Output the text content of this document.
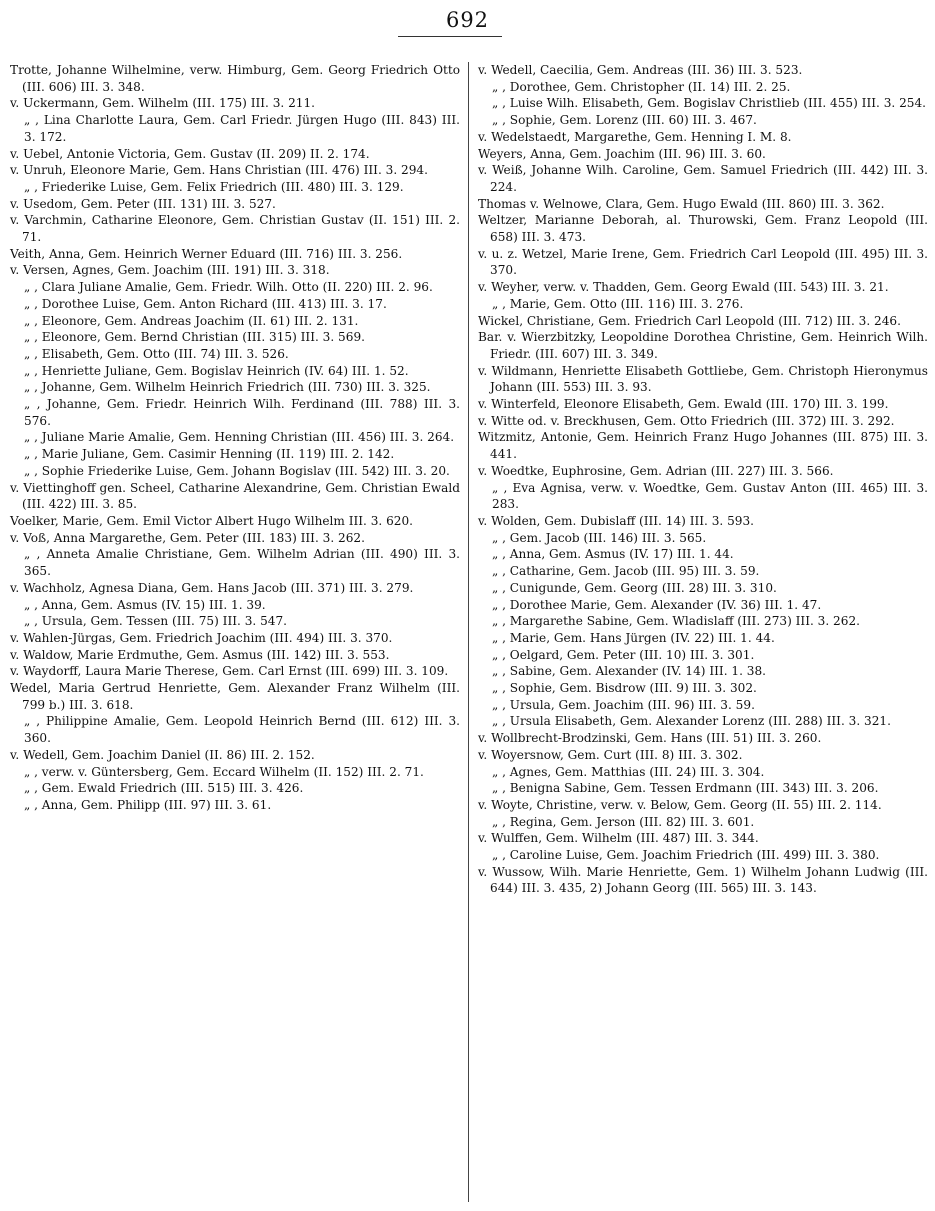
692

Trotte, Johanne Wilhelmine, verw. Himburg, Gem. Georg Friedrich Otto (III. 606) III. 3. 348.

v. Uckermann, Gem. Wilhelm (III. 175) III. 3. 211.

„ , Lina Charlotte Laura, Gem. Carl Friedr. Jürgen Hugo (III. 843) III. 3. 172.

v. Uebel, Antonie Victoria, Gem. Gustav (II. 209) II. 2. 174.

v. Unruh, Eleonore Marie, Gem. Hans Christian (III. 476) III. 3. 294.

„ , Friederike Luise, Gem. Felix Friedrich (III. 480) III. 3. 129.

v. Usedom, Gem. Peter (III. 131) III. 3. 527.

v. Varchmin, Catharine Eleonore, Gem. Christian Gustav (II. 151) III. 2. 71.

Veith, Anna, Gem. Heinrich Werner Eduard (III. 716) III. 3. 256.

v. Versen, Agnes, Gem. Joachim (III. 191) III. 3. 318.

„ , Clara Juliane Amalie, Gem. Friedr. Wilh. Otto (II. 220) III. 2. 96.

„ , Dorothee Luise, Gem. Anton Richard (III. 413) III. 3. 17.

„ , Eleonore, Gem. Andreas Joachim (II. 61) III. 2. 131.

„ , Eleonore, Gem. Bernd Christian (III. 315) III. 3. 569.

„ , Elisabeth, Gem. Otto (III. 74) III. 3. 526.

„ , Henriette Juliane, Gem. Bogislav Heinrich (IV. 64) III. 1. 52.

„ , Johanne, Gem. Wilhelm Heinrich Friedrich (III. 730) III. 3. 325.

„ , Johanne, Gem. Friedr. Heinrich Wilh. Ferdinand (III. 788) III. 3. 576.

„ , Juliane Marie Amalie, Gem. Henning Christian (III. 456) III. 3. 264.

„ , Marie Juliane, Gem. Casimir Henning (II. 119) III. 2. 142.

„ , Sophie Friederike Luise, Gem. Johann Bogislav (III. 542) III. 3. 20.

v. Viettinghoff gen. Scheel, Catharine Alexandrine, Gem. Christian Ewald (III. 422) III. 3. 85.

Voelker, Marie, Gem. Emil Victor Albert Hugo Wilhelm III. 3. 620.

v. Voß, Anna Margarethe, Gem. Peter (III. 183) III. 3. 262.

„ , Anneta Amalie Christiane, Gem. Wilhelm Adrian (III. 490) III. 3. 365.

v. Wachholz, Agnesa Diana, Gem. Hans Jacob (III. 371) III. 3. 279.

„ , Anna, Gem. Asmus (IV. 15) III. 1. 39.

„ , Ursula, Gem. Tessen (III. 75) III. 3. 547.

v. Wahlen-Jürgas, Gem. Friedrich Joachim (III. 494) III. 3. 370.

v. Waldow, Marie Erdmuthe, Gem. Asmus (III. 142) III. 3. 553.

v. Waydorff, Laura Marie Therese, Gem. Carl Ernst (III. 699) III. 3. 109.

Wedel, Maria Gertrud Henriette, Gem. Alexander Franz Wilhelm (III. 799 b.) III. 3. 618.

„ , Philippine Amalie, Gem. Leopold Heinrich Bernd (III. 612) III. 3. 360.

v. Wedell, Gem. Joachim Daniel (II. 86) III. 2. 152.

„ , verw. v. Güntersberg, Gem. Eccard Wilhelm (II. 152) III. 2. 71.

„ , Gem. Ewald Friedrich (III. 515) III. 3. 426.

„ , Anna, Gem. Philipp (III. 97) III. 3. 61.

v. Wedell, Caecilia, Gem. Andreas (III. 36) III. 3. 523.

„ , Dorothee, Gem. Christopher (II. 14) III. 2. 25.

„ , Luise Wilh. Elisabeth, Gem. Bogislav Christlieb (III. 455) III. 3. 254.

„ , Sophie, Gem. Lorenz (III. 60) III. 3. 467.

v. Wedelstaedt, Margarethe, Gem. Henning I. M. 8.

Weyers, Anna, Gem. Joachim (III. 96) III. 3. 60.

v. Weiß, Johanne Wilh. Caroline, Gem. Samuel Friedrich (III. 442) III. 3. 224.

Thomas v. Welnowe, Clara, Gem. Hugo Ewald (III. 860) III. 3. 362.

Weltzer, Marianne Deborah, al. Thurowski, Gem. Franz Leopold (III. 658) III. 3. 473.

v. u. z. Wetzel, Marie Irene, Gem. Friedrich Carl Leopold (III. 495) III. 3. 370.

v. Weyher, verw. v. Thadden, Gem. Georg Ewald (III. 543) III. 3. 21.

„ , Marie, Gem. Otto (III. 116) III. 3. 276.

Wickel, Christiane, Gem. Friedrich Carl Leopold (III. 712) III. 3. 246.

Bar. v. Wierzbitzky, Leopoldine Dorothea Christine, Gem. Heinrich Wilh. Friedr. (III. 607) III. 3. 349.

v. Wildmann, Henriette Elisabeth Gottliebe, Gem. Christoph Hieronymus Johann (III. 553) III. 3. 93.

v. Winterfeld, Eleonore Elisabeth, Gem. Ewald (III. 170) III. 3. 199.

v. Witte od. v. Breckhusen, Gem. Otto Friedrich (III. 372) III. 3. 292.

Witzmitz, Antonie, Gem. Heinrich Franz Hugo Johannes (III. 875) III. 3. 441.

v. Woedtke, Euphrosine, Gem. Adrian (III. 227) III. 3. 566.

„ , Eva Agnisa, verw. v. Woedtke, Gem. Gustav Anton (III. 465) III. 3. 283.

v. Wolden, Gem. Dubislaff (III. 14) III. 3. 593.

„ , Gem. Jacob (III. 146) III. 3. 565.

„ , Anna, Gem. Asmus (IV. 17) III. 1. 44.

„ , Catharine, Gem. Jacob (III. 95) III. 3. 59.

„ , Cunigunde, Gem. Georg (III. 28) III. 3. 310.

„ , Dorothee Marie, Gem. Alexander (IV. 36) III. 1. 47.

„ , Margarethe Sabine, Gem. Wladislaff (III. 273) III. 3. 262.

„ , Marie, Gem. Hans Jürgen (IV. 22) III. 1. 44.

„ , Oelgard, Gem. Peter (III. 10) III. 3. 301.

„ , Sabine, Gem. Alexander (IV. 14) III. 1. 38.

„ , Sophie, Gem. Bisdrow (III. 9) III. 3. 302.

„ , Ursula, Gem. Joachim (III. 96) III. 3. 59.

„ , Ursula Elisabeth, Gem. Alexander Lorenz (III. 288) III. 3. 321.

v. Wollbrecht-Brodzinski, Gem. Hans (III. 51) III. 3. 260.

v. Woyersnow, Gem. Curt (III. 8) III. 3. 302.

„ , Agnes, Gem. Matthias (III. 24) III. 3. 304.

„ , Benigna Sabine, Gem. Tessen Erdmann (III. 343) III. 3. 206.

v. Woyte, Christine, verw. v. Below, Gem. Georg (II. 55) III. 2. 114.

„ , Regina, Gem. Jerson (III. 82) III. 3. 601.

v. Wulffen, Gem. Wilhelm (III. 487) III. 3. 344.

„ , Caroline Luise, Gem. Joachim Friedrich (III. 499) III. 3. 380.

v. Wussow, Wilh. Marie Henriette, Gem. 1) Wilhelm Johann Ludwig (III. 644) III. 3. 435, 2) Johann Georg (III. 565) III. 3. 143.
